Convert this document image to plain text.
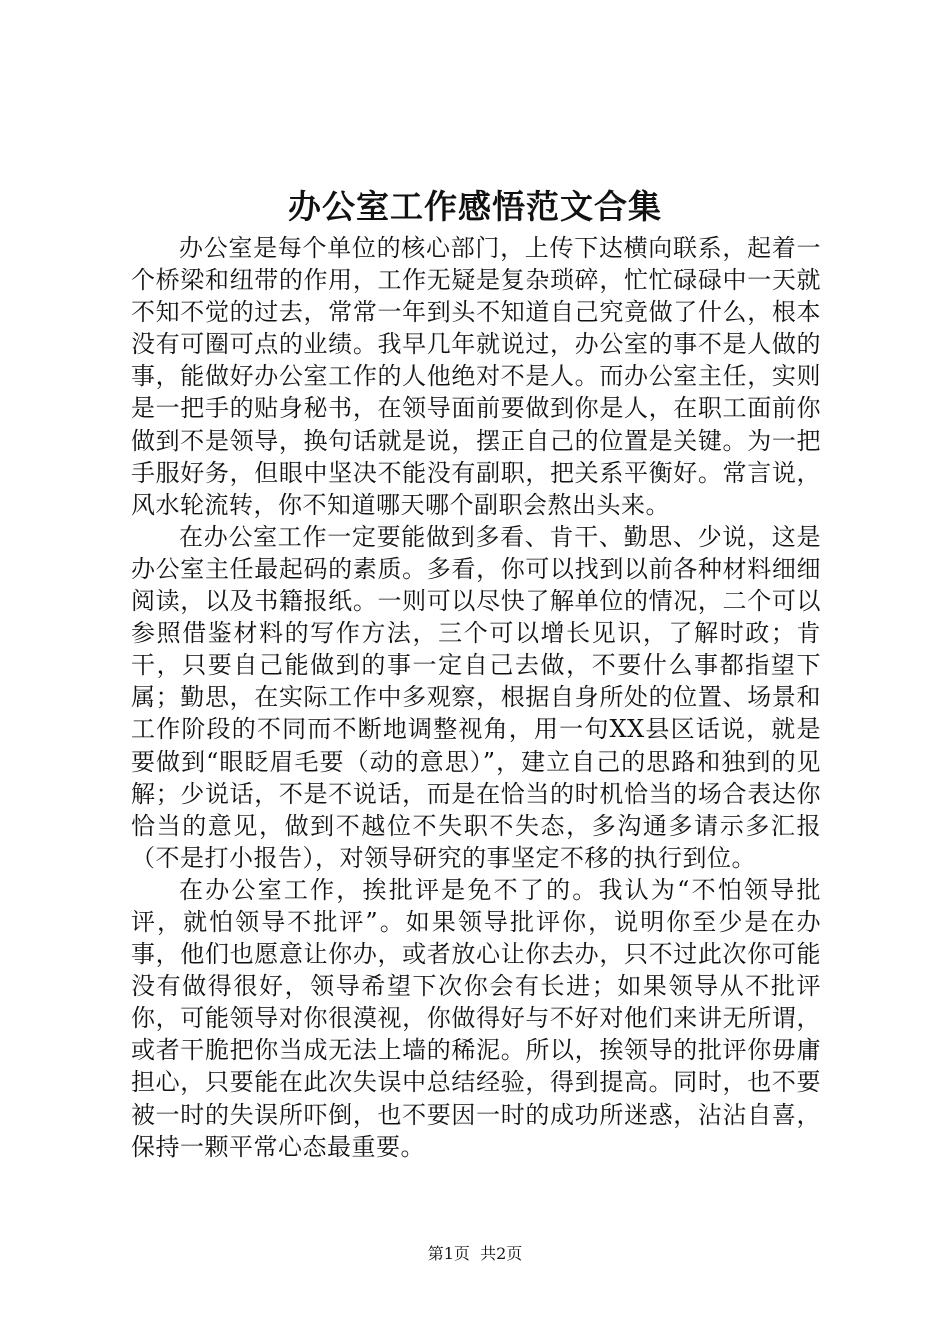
办公室工作感悟范文合集

办公室是每个单位的核心部门，上传下达横向联系，起着一个桥梁和纽带的作用，工作无疑是复杂琐碎，忙忙碌碌中一天就不知不觉的过去，常常一年到头不知道自己究竟做了什么，根本没有可圈可点的业绩。我早几年就说过，办公室的事不是人做的事，能做好办公室工作的人他绝对不是人。而办公室主任，实则是一把手的贴身秘书，在领导面前要做到你是人，在职工面前你做到不是领导，换句话就是说，摆正自己的位置是关键。为一把手服好务，但眼中坚决不能没有副职，把关系平衡好。常言说，风水轮流转，你不知道哪天哪个副职会熬出头来。

在办公室工作一定要能做到多看、肯干、勤思、少说，这是办公室主任最起码的素质。多看，你可以找到以前各种材料细细阅读，以及书籍报纸。一则可以尽快了解单位的情况，二个可以参照借鉴材料的写作方法，三个可以增长见识，了解时政；肯干，只要自己能做到的事一定自己去做，不要什么事都指望下属；勤思，在实际工作中多观察，根据自身所处的位置、场景和工作阶段的不同而不断地调整视角，用一句XX县区话说，就是要做到“眼眨眉毛要（动的意思）”，建立自己的思路和独到的见解；少说话，不是不说话，而是在恰当的时机恰当的场合表达你恰当的意见，做到不越位不失职不失态，多沟通多请示多汇报（不是打小报告），对领导研究的事坚定不移的执行到位。

在办公室工作，挨批评是免不了的。我认为“不怕领导批评，就怕领导不批评”。如果领导批评你，说明你至少是在办事，他们也愿意让你办，或者放心让你去办，只不过此次你可能没有做得很好，领导希望下次你会有长进；如果领导从不批评你，可能领导对你很漠视，你做得好与不好对他们来讲无所谓，或者干脆把你当成无法上墙的稀泥。所以，挨领导的批评你毋庸担心，只要能在此次失误中总结经验，得到提高。同时，也不要被一时的失误所吓倒，也不要因一时的成功所迷惑，沾沾自喜，保持一颗平常心态最重要。

第1页 共2页
